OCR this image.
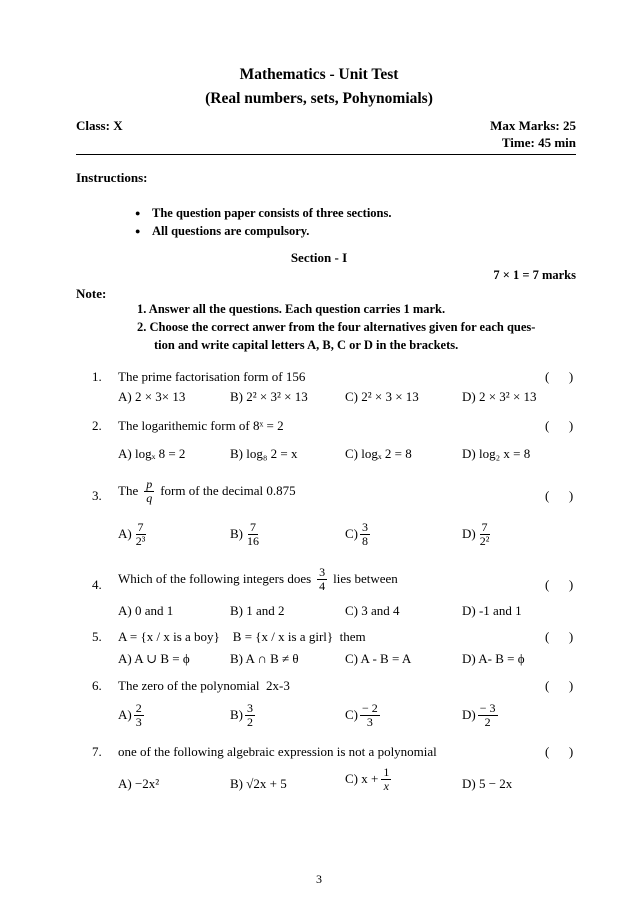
Mathematics - Unit Test
(Real numbers, sets, Pohynomials)
Class: X	Max Marks: 25
Time: 45 min
Instructions:
● The question paper consists of three sections.
● All questions are compulsory.
Section - I
7 × 1 = 7 marks
Note:
1. Answer all the questions. Each question carries 1 mark.
2. Choose the correct anwer from the four alternatives given for each ques-
tion and write capital letters A, B, C or D in the brackets.
1. The prime factorisation form of 156	(      )
A) 2 × 3× 13	B) 2² × 3² × 13	C) 2² × 3 × 13	D) 2 × 3² × 13
2. The logarithemic form of 8ˣ = 2	(      )
A) logₓ 8 = 2	B) log₈ 2 = x	C) logₓ 2 = 8	D) log₂ x = 8
3. The $\frac{p}{q}$ form of the decimal 0.875	(      )
$A) \frac{7}{\text{2³}}$	$B) \frac{7}{16}$	$C) \frac{3}{8}$	$D) \frac{7}{\text{2²}}$
4. Which of the following integers does $\frac{3}{4}$ lies between	(      )
A) 0 and 1	B) 1 and 2	C) 3 and 4	D) -1 and 1
5. A = {x / x is a boy}    B = {x / x is a girl}  them	(      )
A) A ∪ B = ϕ	B) A ∩ B ≠ θ	C) A - B = A	D) A- B = ϕ
6. The zero of the polynomial  2x-3	(      )
$A) \frac{2}{3}$	$B) \frac{3}{2}$	$C) \frac{- 2}{3}$	$D) \frac{- 3}{2}$
7. one of the following algebraic expression is not a polynomial	(      )
A) −2x²	B) √2x + 5	C) $x + \frac{1}{x}$	D) 5 − 2x
3
